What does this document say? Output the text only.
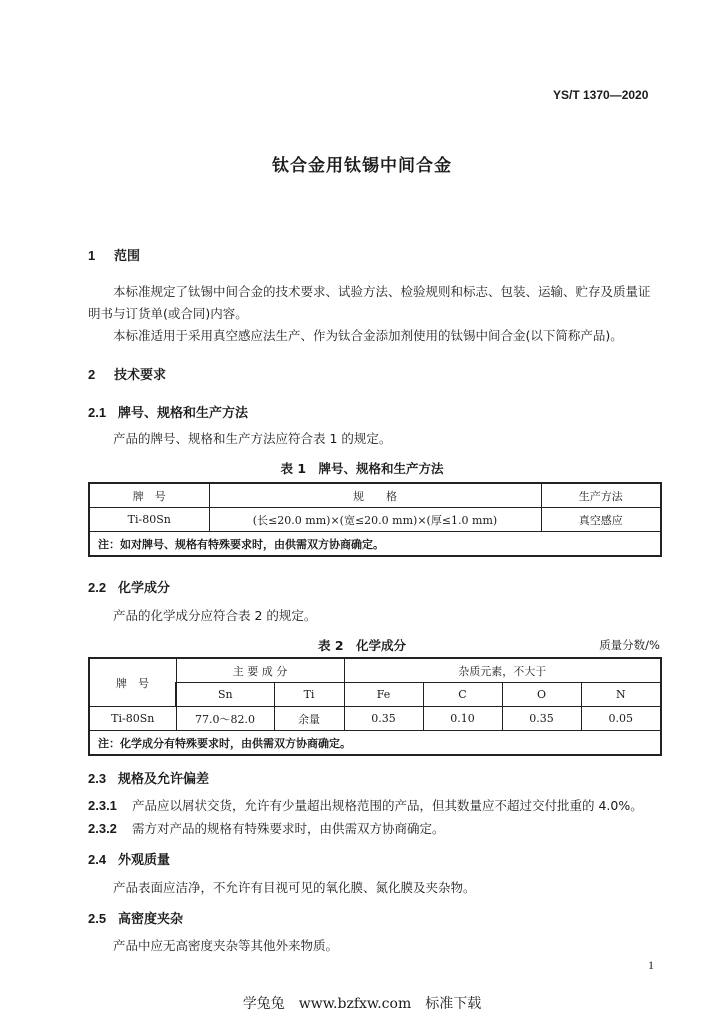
YS/T 1370—2020
钛合金用钛锡中间合金
1 范围

本标准规定了钛锡中间合金的技术要求、试验方法、检验规则和标志、包装、运输、贮存及质量证明书与订货单(或合同)内容。

本标准适用于采用真空感应法生产、作为钛合金添加剂使用的钛锡中间合金(以下简称产品)。

2 技术要求
2.1 牌号、规格和生产方法
产品的牌号、规格和生产方法应符合表 1 的规定。
表 1　牌号、规格和生产方法
牌　号	规　　格	生产方法
Ti-80Sn	(长≤20.0 mm)×(宽≤20.0 mm)×(厚≤1.0 mm)	真空感应
注：如对牌号、规格有特殊要求时，由供需双方协商确定。		
2.2 化学成分
产品的化学成分应符合表 2 的规定。
表 2　化学成分	质量分数/%
牌　号	主 要 成 分		杂质元素，不大于			
	Sn	Ti	Fe	C	O	N
Ti-80Sn	77.0～82.0	余量	0.35	0.10	0.35	0.05
注：化学成分有特殊要求时，由供需双方协商确定。						
2.3 规格及允许偏差
2.3.1 产品应以屑状交货，允许有少量超出规格范围的产品，但其数量应不超过交付批重的 4.0%。
2.3.2 需方对产品的规格有特殊要求时，由供需双方协商确定。
2.4 外观质量
产品表面应洁净，不允许有目视可见的氧化膜、氮化膜及夹杂物。
2.5 高密度夹杂
产品中应无高密度夹杂等其他外来物质。
1
学兔兔　www.bzfxw.com　标准下载
